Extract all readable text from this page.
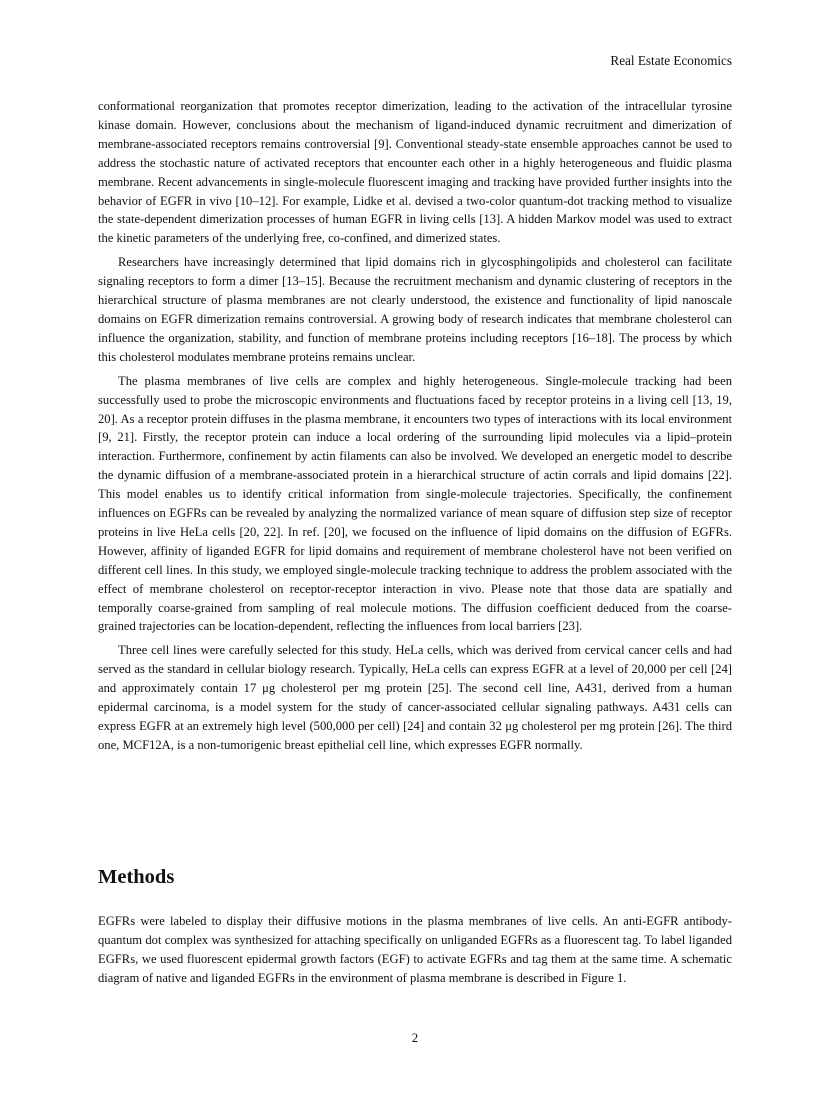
Real Estate Economics

conformational reorganization that promotes receptor dimerization, leading to the activation of the intracellular tyrosine kinase domain. However, conclusions about the mechanism of ligand-induced dynamic recruitment and dimerization of membrane-associated receptors remains controversial [9]. Conventional steady-state ensemble approaches cannot be used to address the stochastic nature of activated receptors that encounter each other in a highly heterogeneous and fluidic plasma membrane. Recent advancements in single-molecule fluorescent imaging and tracking have provided further insights into the behavior of EGFR in vivo [10–12]. For example, Lidke et al. devised a two-color quantum-dot tracking method to visualize the state-dependent dimerization processes of human EGFR in living cells [13]. A hidden Markov model was used to extract the kinetic parameters of the underlying free, co-confined, and dimerized states.

Researchers have increasingly determined that lipid domains rich in glycosphingolipids and cholesterol can facilitate signaling receptors to form a dimer [13–15]. Because the recruitment mechanism and dynamic clustering of receptors in the hierarchical structure of plasma membranes are not clearly understood, the existence and functionality of lipid nanoscale domains on EGFR dimerization remains controversial. A growing body of research indicates that membrane cholesterol can influence the organization, stability, and function of membrane proteins including receptors [16–18]. The process by which this cholesterol modulates membrane proteins remains unclear.

The plasma membranes of live cells are complex and highly heterogeneous. Single-molecule tracking had been successfully used to probe the microscopic environments and fluctuations faced by receptor proteins in a living cell [13, 19, 20]. As a receptor protein diffuses in the plasma membrane, it encounters two types of interactions with its local environment [9, 21]. Firstly, the receptor protein can induce a local ordering of the surrounding lipid molecules via a lipid–protein interaction. Furthermore, confinement by actin filaments can also be involved. We developed an energetic model to describe the dynamic diffusion of a membrane-associated protein in a hierarchical structure of actin corrals and lipid domains [22]. This model enables us to identify critical information from single-molecule trajectories. Specifically, the confinement influences on EGFRs can be revealed by analyzing the normalized variance of mean square of diffusion step size of receptor proteins in live HeLa cells [20, 22]. In ref. [20], we focused on the influence of lipid domains on the diffusion of EGFRs. However, affinity of liganded EGFR for lipid domains and requirement of membrane cholesterol have not been verified on different cell lines. In this study, we employed single-molecule tracking technique to address the problem associated with the effect of membrane cholesterol on receptor-receptor interaction in vivo. Please note that those data are spatially and temporally coarse-grained from sampling of real molecule motions. The diffusion coefficient deduced from the coarse-grained trajectories can be location-dependent, reflecting the influences from local barriers [23].

Three cell lines were carefully selected for this study. HeLa cells, which was derived from cervical cancer cells and had served as the standard in cellular biology research. Typically, HeLa cells can express EGFR at a level of 20,000 per cell [24] and approximately contain 17 μg cholesterol per mg protein [25]. The second cell line, A431, derived from a human epidermal carcinoma, is a model system for the study of cancer-associated cellular signaling pathways. A431 cells can express EGFR at an extremely high level (500,000 per cell) [24] and contain 32 μg cholesterol per mg protein [26]. The third one, MCF12A, is a non-tumorigenic breast epithelial cell line, which expresses EGFR normally.

Methods

EGFRs were labeled to display their diffusive motions in the plasma membranes of live cells. An anti-EGFR antibody-quantum dot complex was synthesized for attaching specifically on unliganded EGFRs as a fluorescent tag. To label liganded EGFRs, we used fluorescent epidermal growth factors (EGF) to activate EGFRs and tag them at the same time. A schematic diagram of native and liganded EGFRs in the environment of plasma membrane is described in Figure 1.

2
